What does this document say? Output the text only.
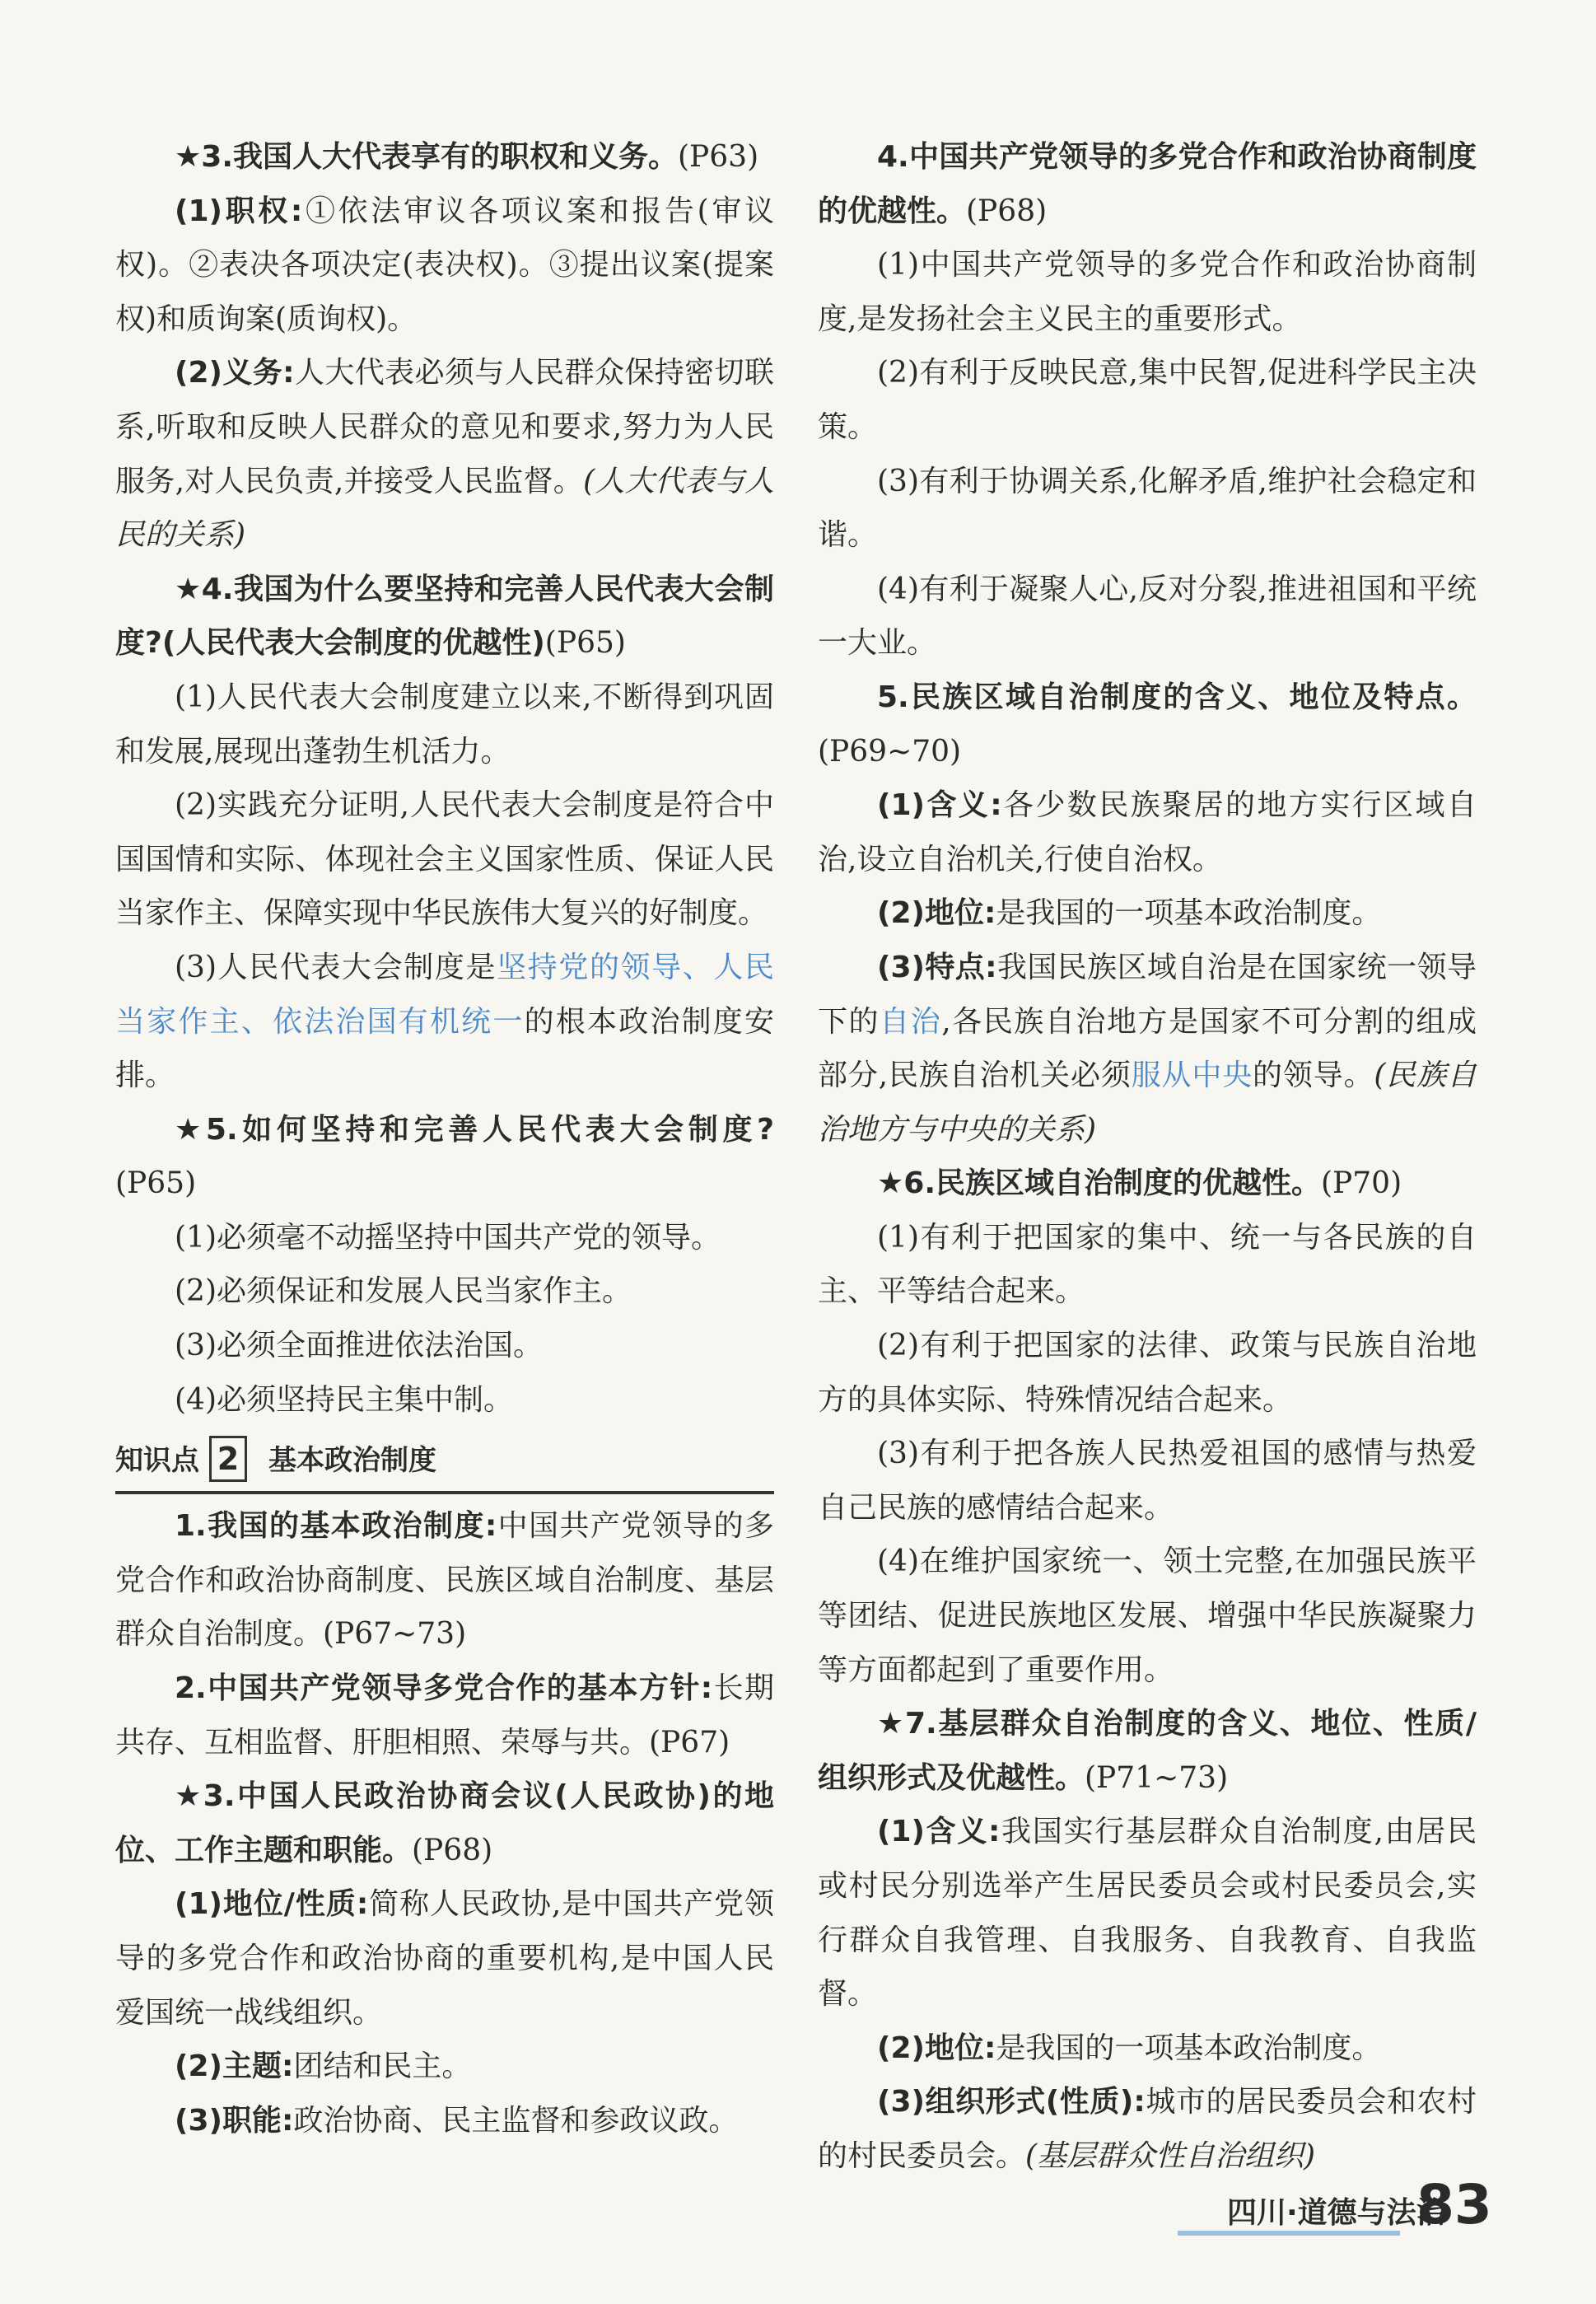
★3.我国人大代表享有的职权和义务。(P63)

(1)职权:①依法审议各项议案和报告(审议权)。②表决各项决定(表决权)。③提出议案(提案权)和质询案(质询权)。

(2)义务:人大代表必须与人民群众保持密切联系,听取和反映人民群众的意见和要求,努力为人民服务,对人民负责,并接受人民监督。(人大代表与人民的关系)

★4.我国为什么要坚持和完善人民代表大会制度?(人民代表大会制度的优越性)(P65)

(1)人民代表大会制度建立以来,不断得到巩固和发展,展现出蓬勃生机活力。

(2)实践充分证明,人民代表大会制度是符合中国国情和实际、体现社会主义国家性质、保证人民当家作主、保障实现中华民族伟大复兴的好制度。

(3)人民代表大会制度是坚持党的领导、人民当家作主、依法治国有机统一的根本政治制度安排。

★5.如何坚持和完善人民代表大会制度?(P65)

(1)必须毫不动摇坚持中国共产党的领导。

(2)必须保证和发展人民当家作主。

(3)必须全面推进依法治国。

(4)必须坚持民主集中制。

知识点 2 基本政治制度

1.我国的基本政治制度:中国共产党领导的多党合作和政治协商制度、民族区域自治制度、基层群众自治制度。(P67~73)

2.中国共产党领导多党合作的基本方针:长期共存、互相监督、肝胆相照、荣辱与共。(P67)

★3.中国人民政治协商会议(人民政协)的地位、工作主题和职能。(P68)

(1)地位/性质:简称人民政协,是中国共产党领导的多党合作和政治协商的重要机构,是中国人民爱国统一战线组织。

(2)主题:团结和民主。

(3)职能:政治协商、民主监督和参政议政。

4.中国共产党领导的多党合作和政治协商制度的优越性。(P68)

(1)中国共产党领导的多党合作和政治协商制度,是发扬社会主义民主的重要形式。

(2)有利于反映民意,集中民智,促进科学民主决策。

(3)有利于协调关系,化解矛盾,维护社会稳定和谐。

(4)有利于凝聚人心,反对分裂,推进祖国和平统一大业。

5.民族区域自治制度的含义、地位及特点。(P69~70)

(1)含义:各少数民族聚居的地方实行区域自治,设立自治机关,行使自治权。

(2)地位:是我国的一项基本政治制度。

(3)特点:我国民族区域自治是在国家统一领导下的自治,各民族自治地方是国家不可分割的组成部分,民族自治机关必须服从中央的领导。(民族自治地方与中央的关系)

★6.民族区域自治制度的优越性。(P70)

(1)有利于把国家的集中、统一与各民族的自主、平等结合起来。

(2)有利于把国家的法律、政策与民族自治地方的具体实际、特殊情况结合起来。

(3)有利于把各族人民热爱祖国的感情与热爱自己民族的感情结合起来。

(4)在维护国家统一、领土完整,在加强民族平等团结、促进民族地区发展、增强中华民族凝聚力等方面都起到了重要作用。

★7.基层群众自治制度的含义、地位、性质/组织形式及优越性。(P71~73)

(1)含义:我国实行基层群众自治制度,由居民或村民分别选举产生居民委员会或村民委员会,实行群众自我管理、自我服务、自我教育、自我监督。

(2)地位:是我国的一项基本政治制度。

(3)组织形式(性质):城市的居民委员会和农村的村民委员会。(基层群众性自治组织)

四川·道德与法治
83
